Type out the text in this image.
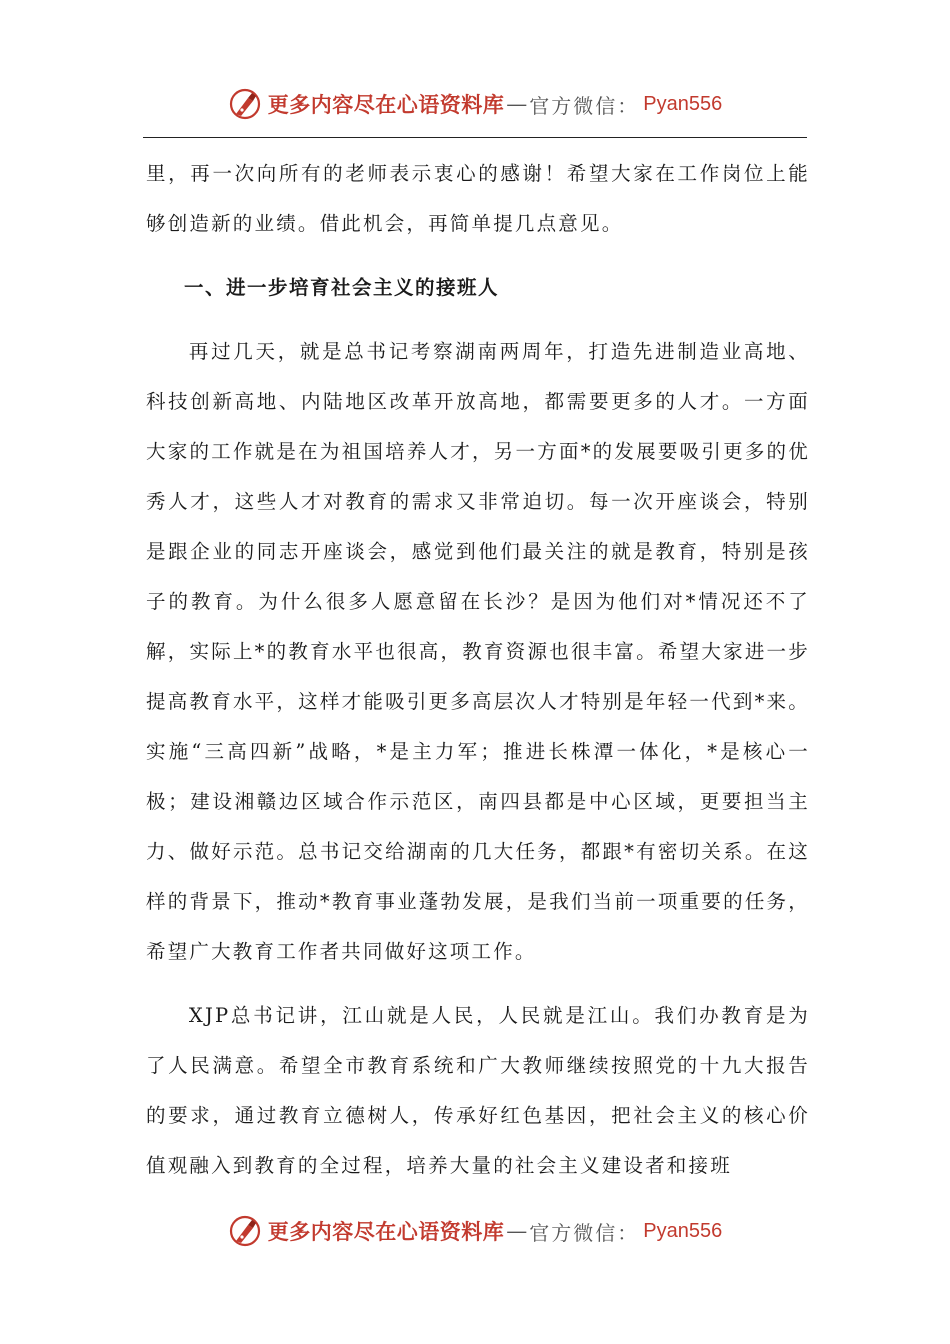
更多内容尽在心语资料库 — 官方微信： Pyan556

里，再一次向所有的老师表示衷心的感谢！希望大家在工作岗位上能够创造新的业绩。借此机会，再简单提几点意见。

一、进一步培育社会主义的接班人

再过几天，就是总书记考察湖南两周年，打造先进制造业高地、科技创新高地、内陆地区改革开放高地，都需要更多的人才。一方面大家的工作就是在为祖国培养人才，另一方面*的发展要吸引更多的优秀人才，这些人才对教育的需求又非常迫切。每一次开座谈会，特别是跟企业的同志开座谈会，感觉到他们最关注的就是教育，特别是孩子的教育。为什么很多人愿意留在长沙？是因为他们对*情况还不了解，实际上*的教育水平也很高，教育资源也很丰富。希望大家进一步提高教育水平，这样才能吸引更多高层次人才特别是年轻一代到*来。实施“三高四新”战略，*是主力军；推进长株潭一体化，*是核心一极；建设湘赣边区域合作示范区，南四县都是中心区域，更要担当主力、做好示范。总书记交给湖南的几大任务，都跟*有密切关系。在这样的背景下，推动*教育事业蓬勃发展，是我们当前一项重要的任务，希望广大教育工作者共同做好这项工作。

XJP总书记讲，江山就是人民，人民就是江山。我们办教育是为了人民满意。希望全市教育系统和广大教师继续按照党的十九大报告的要求，通过教育立德树人，传承好红色基因，把社会主义的核心价值观融入到教育的全过程，培养大量的社会主义建设者和接班

更多内容尽在心语资料库 — 官方微信： Pyan556
